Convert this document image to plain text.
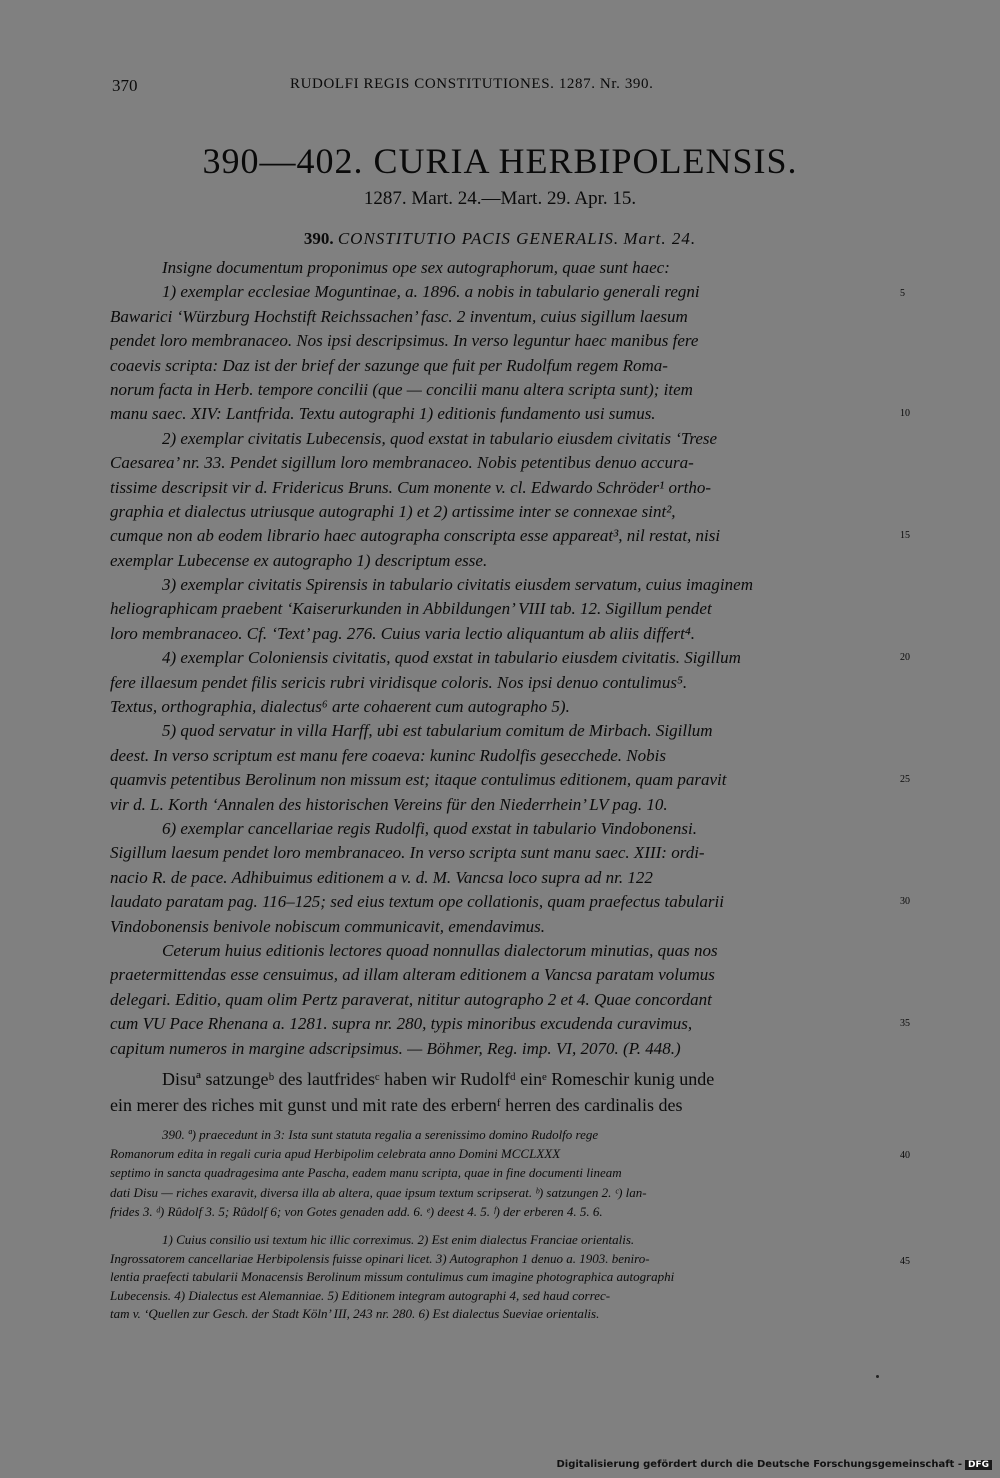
370	RUDOLFI REGIS CONSTITUTIONES. 1287. Nr. 390.
390—402. CURIA HERBIPOLENSIS.
1287. Mart. 24.—Mart. 29. Apr. 15.
390. CONSTITUTIO PACIS GENERALIS. Mart. 24.
Insigne documentum proponimus ope sex autographorum, quae sunt haec:
1) exemplar ecclesiae Moguntinae, a. 1896. a nobis in tabulario generali regni
Bawarici ‘Würzburg Hochstift Reichssachen’ fasc. 2 inventum, cuius sigillum laesum
pendet loro membranaceo. Nos ipsi descripsimus. In verso leguntur haec manibus fere
coaevis scripta: Daz ist der brief der sazunge que fuit per Rudolfum regem Roma-
norum facta in Herb. tempore concilii (que — concilii manu altera scripta sunt); item
manu saec. XIV: Lantfrida. Textu autographi 1) editionis fundamento usi sumus.
2) exemplar civitatis Lubecensis, quod exstat in tabulario eiusdem civitatis ‘Trese
Caesarea’ nr. 33. Pendet sigillum loro membranaceo. Nobis petentibus denuo accura-
tissime descripsit vir d. Fridericus Bruns. Cum monente v. cl. Edwardo Schröder¹ ortho-
graphia et dialectus utriusque autographi 1) et 2) artissime inter se connexae sint²,
cumque non ab eodem librario haec autographa conscripta esse appareat³, nil restat, nisi
exemplar Lubecense ex autographo 1) descriptum esse.
3) exemplar civitatis Spirensis in tabulario civitatis eiusdem servatum, cuius imaginem
heliographicam praebent ‘Kaiserurkunden in Abbildungen’ VIII tab. 12. Sigillum pendet
loro membranaceo. Cf. ‘Text’ pag. 276. Cuius varia lectio aliquantum ab aliis differt⁴.
4) exemplar Coloniensis civitatis, quod exstat in tabulario eiusdem civitatis. Sigillum
fere illaesum pendet filis sericis rubri viridisque coloris. Nos ipsi denuo contulimus⁵.
Textus, orthographia, dialectus⁶ arte cohaerent cum autographo 5).
5) quod servatur in villa Harff, ubi est tabularium comitum de Mirbach. Sigillum
deest. In verso scriptum est manu fere coaeva: kuninc Rudolfis gesecchede. Nobis
quamvis petentibus Berolinum non missum est; itaque contulimus editionem, quam paravit
vir d. L. Korth ‘Annalen des historischen Vereins für den Niederrhein’ LV pag. 10.
6) exemplar cancellariae regis Rudolfi, quod exstat in tabulario Vindobonensi.
Sigillum laesum pendet loro membranaceo. In verso scripta sunt manu saec. XIII: ordi-
nacio R. de pace. Adhibuimus editionem a v. d. M. Vancsa loco supra ad nr. 122
laudato paratam pag. 116–125; sed eius textum ope collationis, quam praefectus tabularii
Vindobonensis benivole nobiscum communicavit, emendavimus.
Ceterum huius editionis lectores quoad nonnullas dialectorum minutias, quas nos
praetermittendas esse censuimus, ad illam alteram editionem a Vancsa paratam volumus
delegari. Editio, quam olim Pertz paraverat, nititur autographo 2 et 4. Quae concordant
cum VU Pace Rhenana a. 1281. supra nr. 280, typis minoribus excudenda curavimus,
capitum numeros in margine adscripsimus. — Böhmer, Reg. imp. VI, 2070. (P. 448.)
Disuª satzungeᵇ des lautfridesᶜ haben wir Rudolfᵈ einᵉ Romeschir kunig unde
ein merer des riches mit gunst und mit rate des erbernᶠ herren des cardinalis des
390. ª) praecedunt in 3: Ista sunt statuta regalia a serenissimo domino Rudolfo rege
Romanorum edita in regali curia apud Herbipolim celebrata anno Domini MCCLXXX
septimo in sancta quadragesima ante Pascha, eadem manu scripta, quae in fine documenti lineam
dati Disu — riches exaravit, diversa illa ab altera, quae ipsum textum scripserat. ᵇ) satzungen 2. ᶜ) lan-
frides 3. ᵈ) Rûdolf 3. 5; Rûdolf 6; von Gotes genaden add. 6. ᵉ) deest 4. 5. ᶠ) der erberen 4. 5. 6.
1) Cuius consilio usi textum hic illic correximus. 2) Est enim dialectus Franciae orientalis.
Ingrossatorem cancellariae Herbipolensis fuisse opinari licet. 3) Autographon 1 denuo a. 1903. beniro-
lentia praefecti tabularii Monacensis Berolinum missum contulimus cum imagine photographica autographi
Lubecensis. 4) Dialectus est Alemanniae. 5) Editionem integram autographi 4, sed haud correc-
tam v. ‘Quellen zur Gesch. der Stadt Köln’ III, 243 nr. 280. 6) Est dialectus Sueviae orientalis.
5
10
15
20
25
30
35
40
45
Digitalisierung gefördert durch die Deutsche Forschungsgemeinschaft - DFG
